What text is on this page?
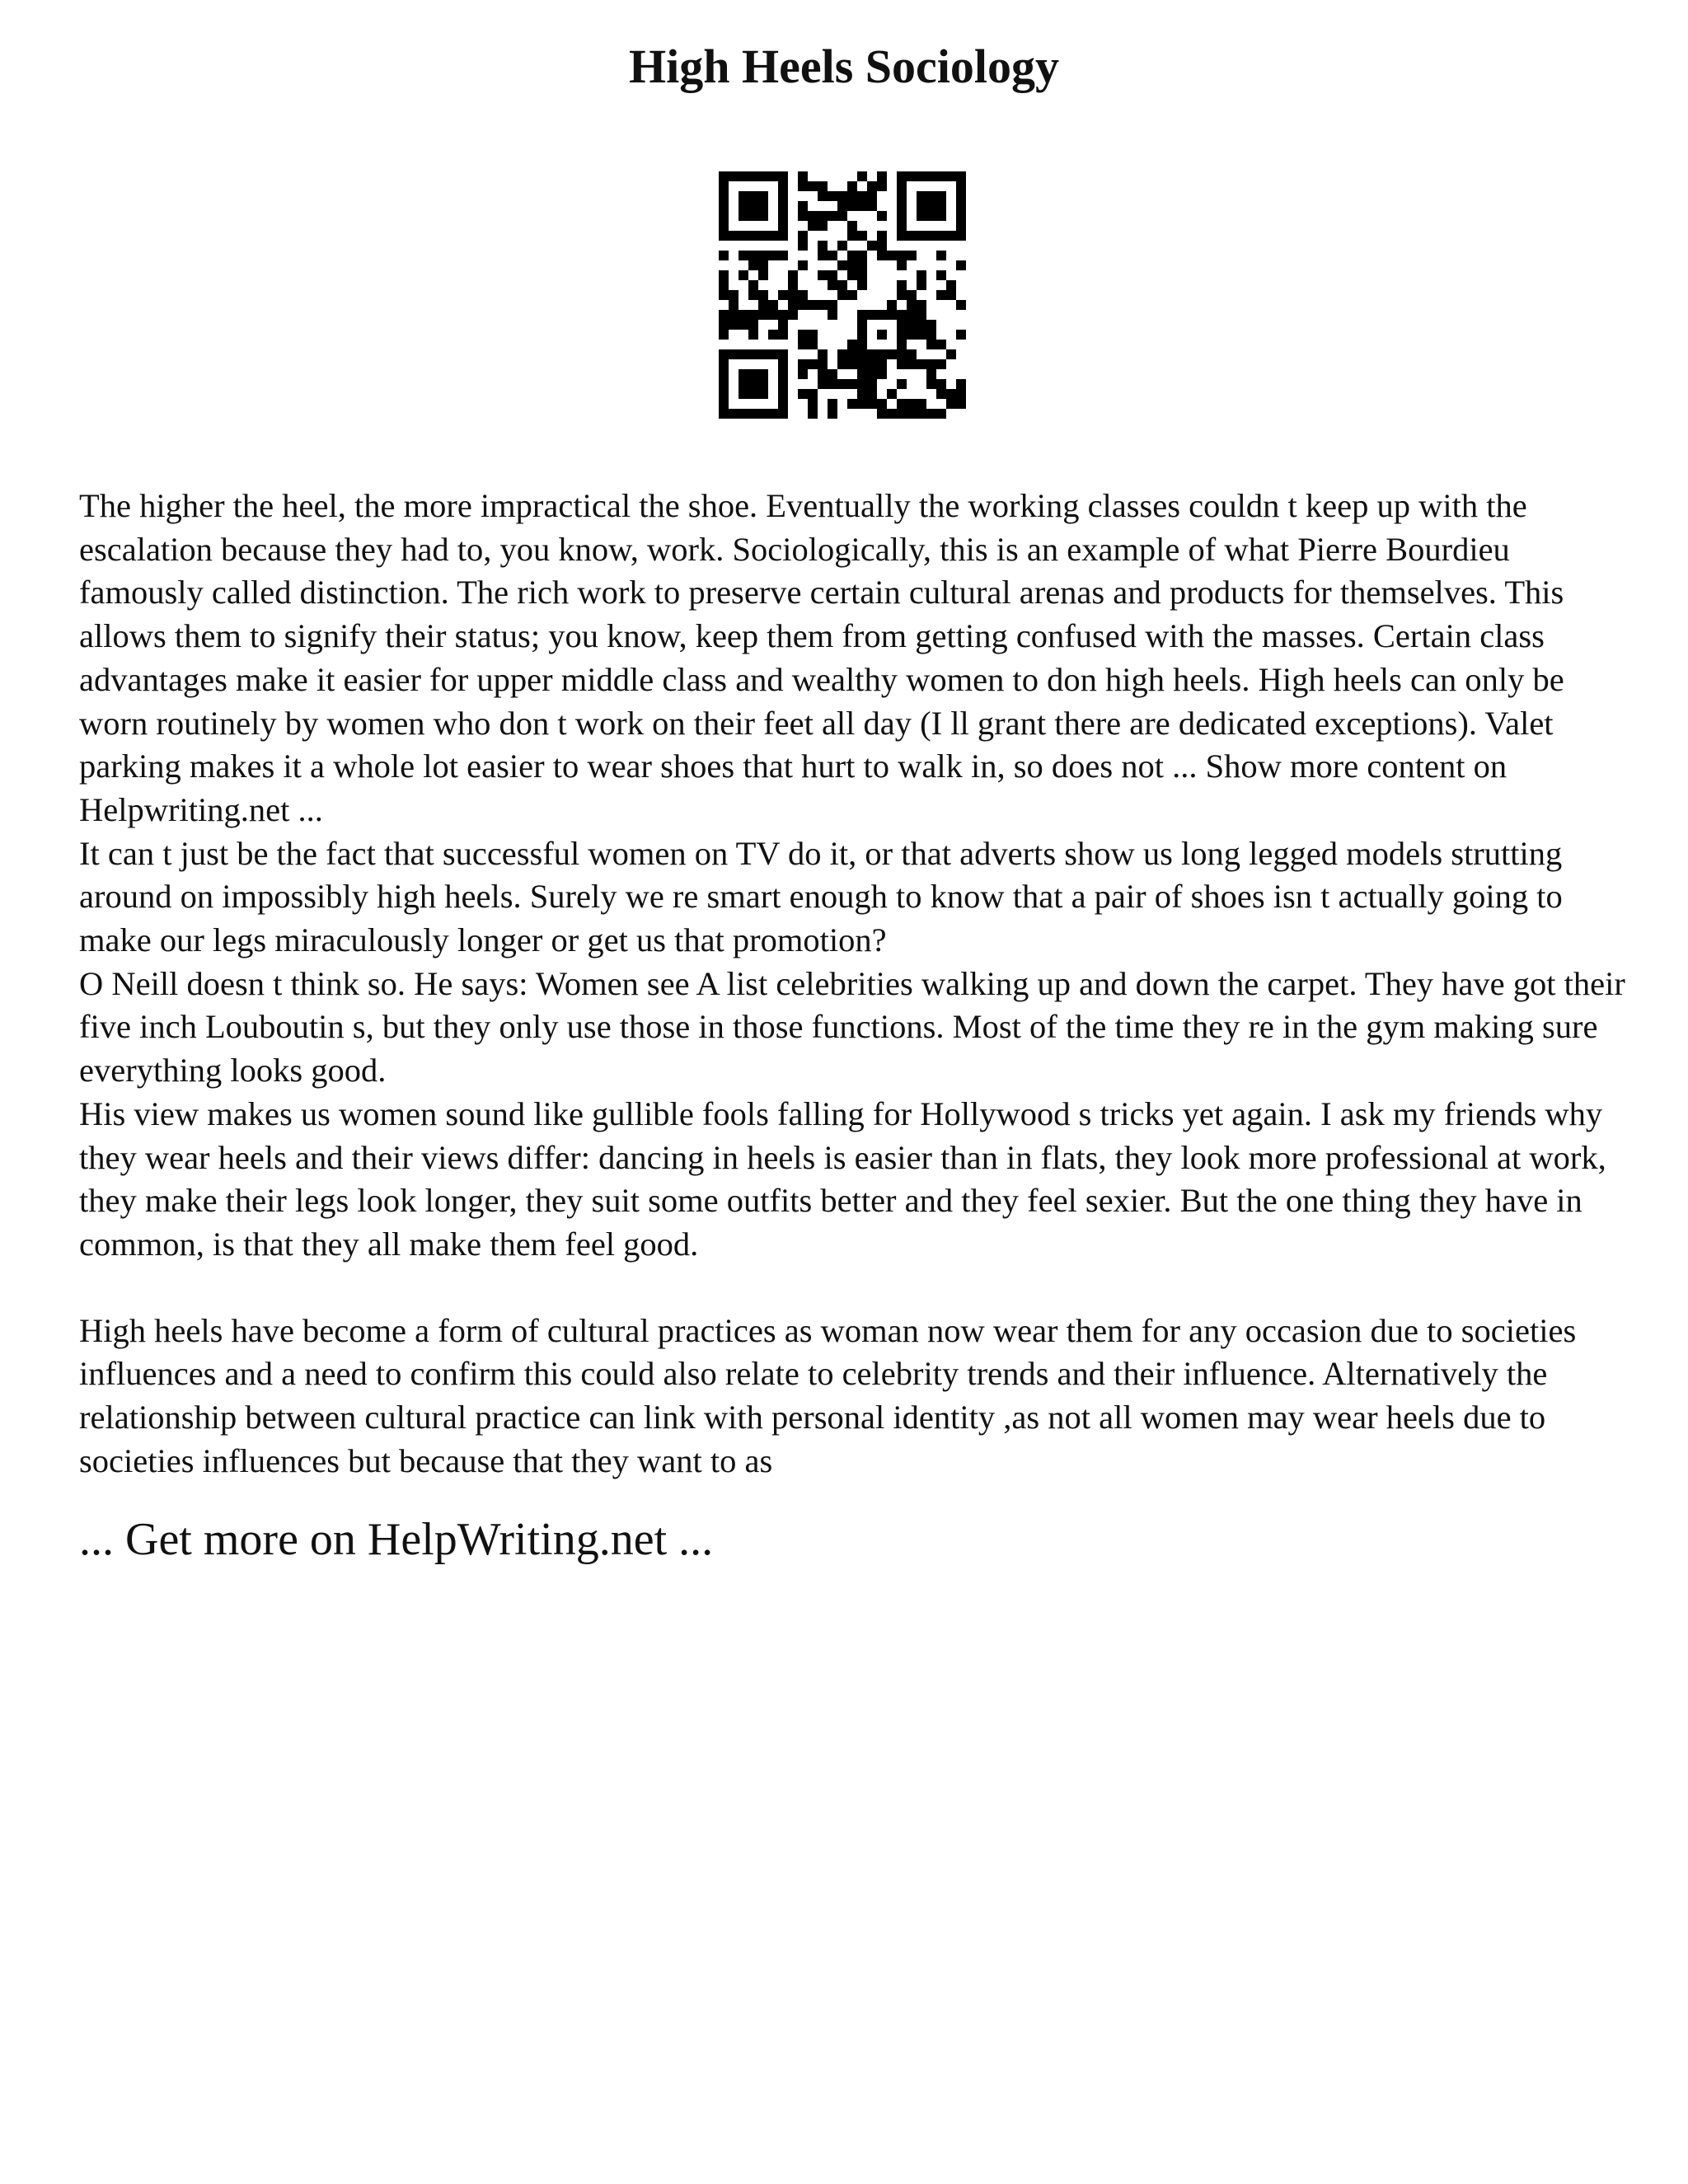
High Heels Sociology

The higher the heel, the more impractical the shoe. Eventually the working classes couldn t keep up with the escalation because they had to, you know, work. Sociologically, this is an example of what Pierre Bourdieu famously called distinction. The rich work to preserve certain cultural arenas and products for themselves. This allows them to signify their status; you know, keep them from getting confused with the masses. Certain class advantages make it easier for upper middle class and wealthy women to don high heels. High heels can only be worn routinely by women who don t work on their feet all day (I ll grant there are dedicated exceptions). Valet parking makes it a whole lot easier to wear shoes that hurt to walk in, so does not ... Show more content on Helpwriting.net ...

It can t just be the fact that successful women on TV do it, or that adverts show us long legged models strutting around on impossibly high heels. Surely we re smart enough to know that a pair of shoes isn t actually going to make our legs miraculously longer or get us that promotion?

O Neill doesn t think so. He says: Women see A list celebrities walking up and down the carpet. They have got their five inch Louboutin s, but they only use those in those functions. Most of the time they re in the gym making sure everything looks good.

His view makes us women sound like gullible fools falling for Hollywood s tricks yet again. I ask my friends why they wear heels and their views differ: dancing in heels is easier than in flats, they look more professional at work, they make their legs look longer, they suit some outfits better and they feel sexier. But the one thing they have in common, is that they all make them feel good.

High heels have become a form of cultural practices as woman now wear them for any occasion due to societies influences and a need to confirm this could also relate to celebrity trends and their influence. Alternatively the relationship between cultural practice can link with personal identity ,as not all women may wear heels due to societies influences but because that they want to as

... Get more on HelpWriting.net ...
